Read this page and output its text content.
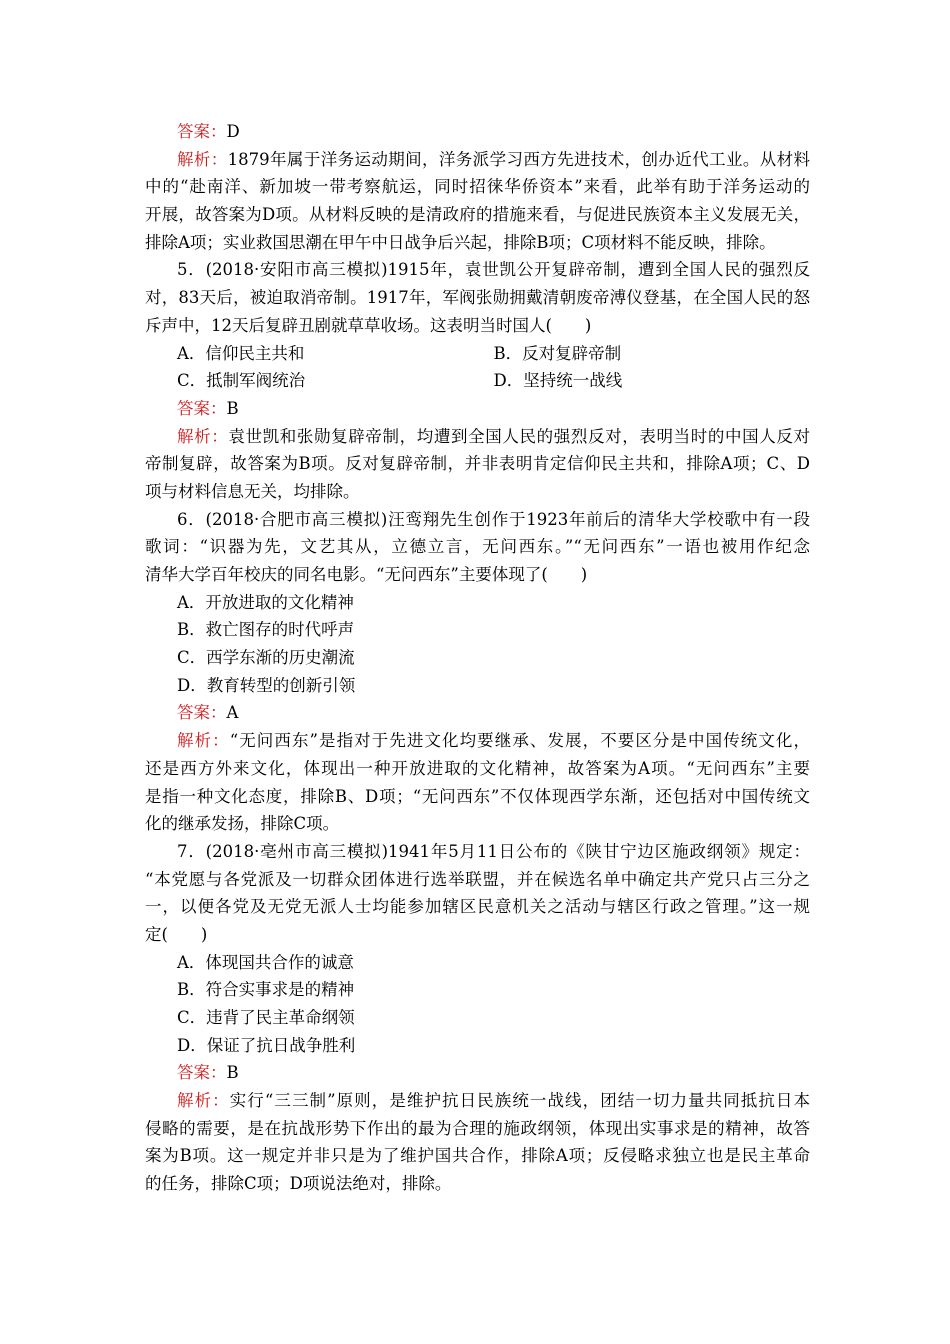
答案：D
解析：1879年属于洋务运动期间，洋务派学习西方先进技术，创办近代工业。从材料
中的“赴南洋、新加坡一带考察航运，同时招徕华侨资本”来看，此举有助于洋务运动的
开展，故答案为D项。从材料反映的是清政府的措施来看，与促进民族资本主义发展无关，
排除A项；实业救国思潮在甲午中日战争后兴起，排除B项；C项材料不能反映，排除。
5．(2018·安阳市高三模拟)1915年，袁世凯公开复辟帝制，遭到全国人民的强烈反
对，83天后，被迫取消帝制。1917年，军阀张勋拥戴清朝废帝溥仪登基，在全国人民的怒
斥声中，12天后复辟丑剧就草草收场。这表明当时国人(　　)
A．信仰民主共和	B．反对复辟帝制
C．抵制军阀统治	D．坚持统一战线
答案：B
解析：袁世凯和张勋复辟帝制，均遭到全国人民的强烈反对，表明当时的中国人反对
帝制复辟，故答案为B项。反对复辟帝制，并非表明肯定信仰民主共和，排除A项；C、D
项与材料信息无关，均排除。
6．(2018·合肥市高三模拟)汪鸾翔先生创作于1923年前后的清华大学校歌中有一段
歌词：“识器为先，文艺其从，立德立言，无问西东。”“无问西东”一语也被用作纪念
清华大学百年校庆的同名电影。“无问西东”主要体现了(　　)
A．开放进取的文化精神
B．救亡图存的时代呼声
C．西学东渐的历史潮流
D．教育转型的创新引领
答案：A
解析：“无问西东”是指对于先进文化均要继承、发展，不要区分是中国传统文化，
还是西方外来文化，体现出一种开放进取的文化精神，故答案为A项。“无问西东”主要
是指一种文化态度，排除B、D项；“无问西东”不仅体现西学东渐，还包括对中国传统文
化的继承发扬，排除C项。
7．(2018·亳州市高三模拟)1941年5月11日公布的《陕甘宁边区施政纲领》规定：
“本党愿与各党派及一切群众团体进行选举联盟，并在候选名单中确定共产党只占三分之
一，以便各党及无党无派人士均能参加辖区民意机关之活动与辖区行政之管理。”这一规
定(　　)
A．体现国共合作的诚意
B．符合实事求是的精神
C．违背了民主革命纲领
D．保证了抗日战争胜利
答案：B
解析：实行“三三制”原则，是维护抗日民族统一战线，团结一切力量共同抵抗日本
侵略的需要，是在抗战形势下作出的最为合理的施政纲领，体现出实事求是的精神，故答
案为B项。这一规定并非只是为了维护国共合作，排除A项；反侵略求独立也是民主革命
的任务，排除C项；D项说法绝对，排除。
